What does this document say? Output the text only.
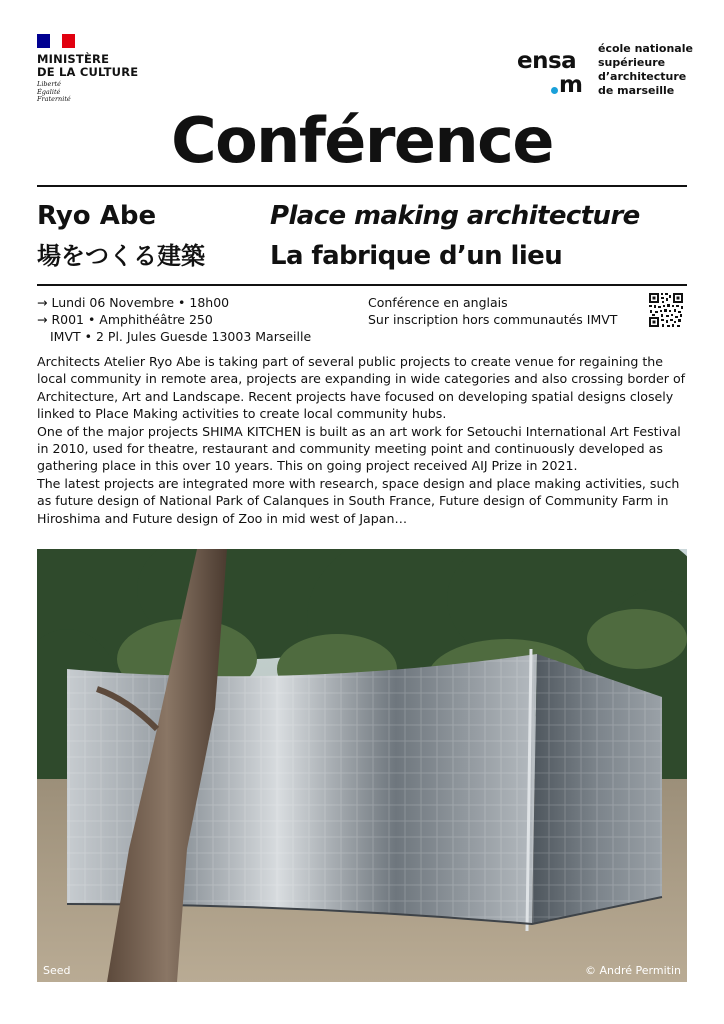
MINISTÈRE
DE LA CULTURE
Liberté
Égalité
Fraternité
ensa
m
école nationale
supérieure
d’architecture
de marseille
Conférence
Ryo Abe
場をつくる建築
Place making architecture
La fabrique d’un lieu
→ Lundi 06 Novembre • 18h00
→ R001 • Amphithéâtre 250
IMVT • 2 Pl. Jules Guesde 13003 Marseille
Conférence en anglais
Sur inscription hors communautés IMVT

Architects Atelier Ryo Abe is taking part of several public projects to create venue for regaining the local community in remote area, projects are expanding in wide categories and also crossing border of Architecture, Art and Landscape. Recent projects have focused on developing spatial designs closely linked to Place Making activities to create local community hubs.

One of the major projects SHIMA KITCHEN is built as an art work for Setouchi International Art Festival in 2010, used for theatre, restaurant and community meeting point and continuously developed as gathering place in this over 10 years. This on going project received AIJ Prize in 2021.

The latest projects are integrated more with research, space design and place making activities, such as future design of National Park of Calanques in South France, Future design of Community Farm in Hiroshima and Future design of Zoo in mid west of Japan…

Seed	© André Permitin
